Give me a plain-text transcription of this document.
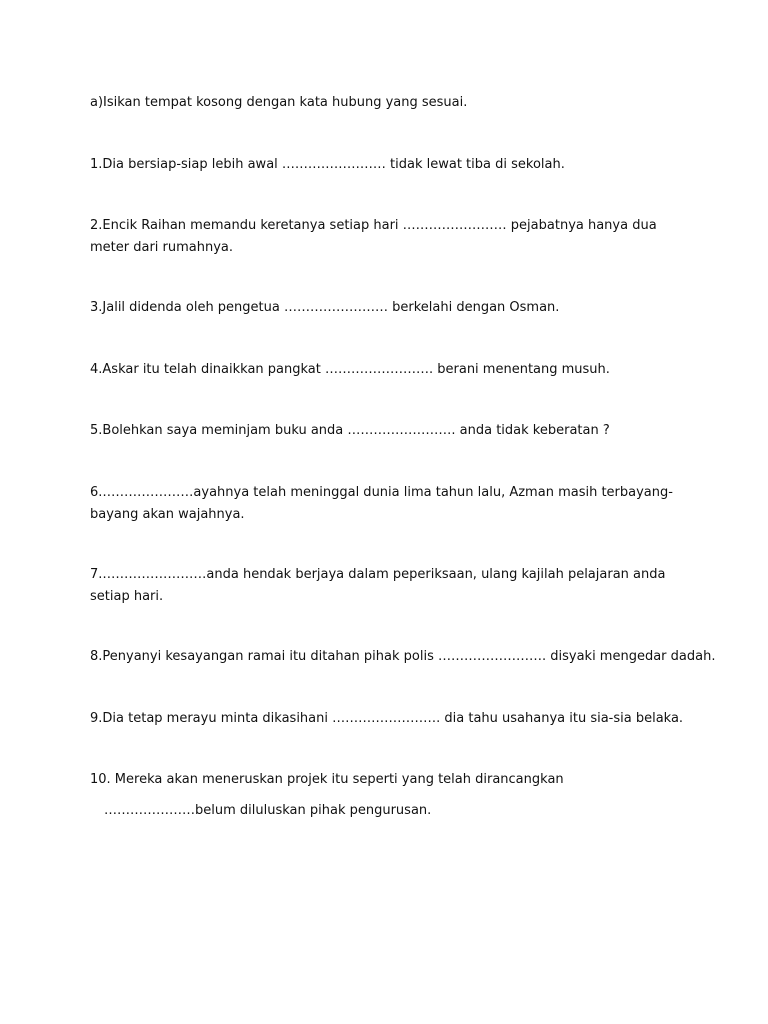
a)Isikan tempat kosong dengan kata hubung yang sesuai.
1.Dia bersiap-siap lebih awal …………………… tidak lewat tiba di sekolah.
2.Encik Raihan memandu keretanya setiap hari …………………… pejabatnya hanya dua meter dari rumahnya.
3.Jalil didenda oleh pengetua …………………… berkelahi dengan Osman.
4.Askar itu telah dinaikkan pangkat ……………………. berani menentang musuh.
5.Bolehkan saya meminjam buku anda ……………………. anda tidak keberatan ?
6.…………………ayahnya telah meninggal dunia lima tahun lalu, Azman masih terbayang-bayang akan wajahnya.
7.……………………anda hendak berjaya dalam peperiksaan, ulang kajilah pelajaran anda setiap hari.
8.Penyanyi kesayangan ramai itu ditahan pihak polis ……………………. disyaki mengedar dadah.
9.Dia tetap merayu minta dikasihani ……………………. dia tahu usahanya itu sia-sia belaka.
10. Mereka akan meneruskan projek itu seperti yang telah dirancangkan
…………………belum diluluskan pihak pengurusan.
